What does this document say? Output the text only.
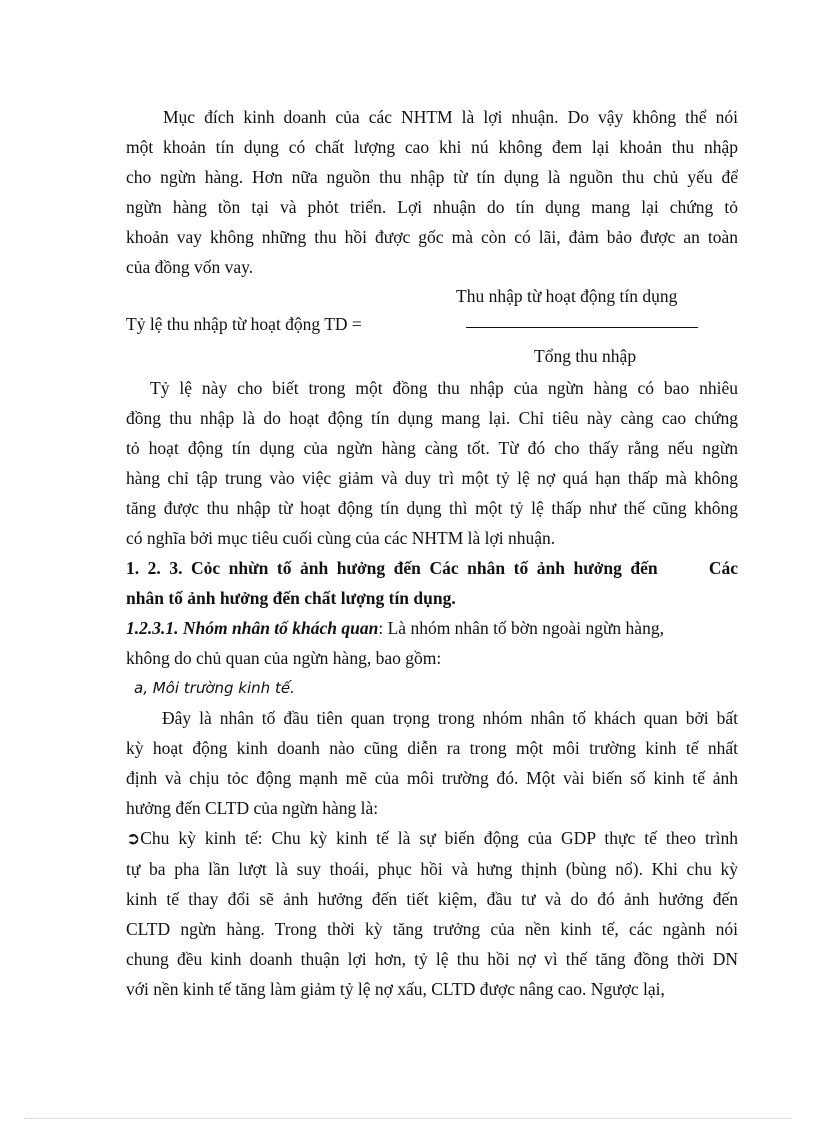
Mục đích kinh doanh của các NHTM là lợi nhuận. Do vậy không thể nói
một khoản tín dụng có chất lượng cao khi nú không đem lại khoản thu nhập
cho ngừn hàng. Hơn nữa nguồn thu nhập từ tín dụng là nguồn thu chủ yếu để
ngừn hàng tồn tại và phỏt triển. Lợi nhuận do tín dụng mang lại chứng tỏ
khoản vay không những thu hồi được gốc mà còn có lãi, đảm bảo được an toàn
của đồng vốn vay.
Thu nhập từ hoạt động tín dụng
Tỷ lệ thu nhập từ hoạt động TD =
Tổng thu nhập
Tỷ lệ này cho biết trong một đồng thu nhập của ngừn hàng có bao nhiêu
đồng thu nhập là do hoạt động tín dụng mang lại. Chỉ tiêu này càng cao chứng
tỏ hoạt động tín dụng của ngừn hàng càng tốt. Từ đó cho thấy rằng nếu ngừn
hàng chỉ tập trung vào việc giảm và duy trì một tỷ lệ nợ quá hạn thấp mà không
tăng được thu nhập từ hoạt động tín dụng thì một tỷ lệ thấp như thế cũng không
có nghĩa bởi mục tiêu cuối cùng của các NHTM là lợi nhuận.
1. 2. 3. Cỏc nhừn tố ảnh hưởng đến Các nhân tố ảnh hưởng đến      Các
nhân tố ảnh hưởng đến chất lượng tín dụng.
1.2.3.1. Nhóm nhân tố khách quan: Là nhóm nhân tố bờn ngoài ngừn hàng,
không do chủ quan của ngừn hàng, bao gồm:
a, Môi trường kinh tế.
Đây là nhân tố đầu tiên quan trọng trong nhóm nhân tố khách quan bởi bất
kỳ hoạt động kinh doanh nào cũng diễn ra trong một môi trường kinh tế nhất
định và chịu tỏc động mạnh mẽ của môi trường đó. Một vài biến số kinh tế ảnh
hưởng đến CLTD của ngừn hàng là:
➲Chu kỳ kinh tế: Chu kỳ kinh tế là sự biến động của GDP thực tế theo trình
tự ba pha lần lượt là suy thoái, phục hồi và hưng thịnh (bùng nổ). Khi chu kỳ
kinh tế thay đổi sẽ ảnh hưởng đến tiết kiệm, đầu tư và do đó ảnh hưởng đến
CLTD ngừn hàng. Trong thời kỳ tăng trưởng của nền kinh tế, các ngành nói
chung đều kinh doanh thuận lợi hơn, tỷ lệ thu hồi nợ vì thế tăng đồng thời DN
với nền kinh tế tăng làm giảm tỷ lệ nợ xấu, CLTD được nâng cao. Ngược lại,
